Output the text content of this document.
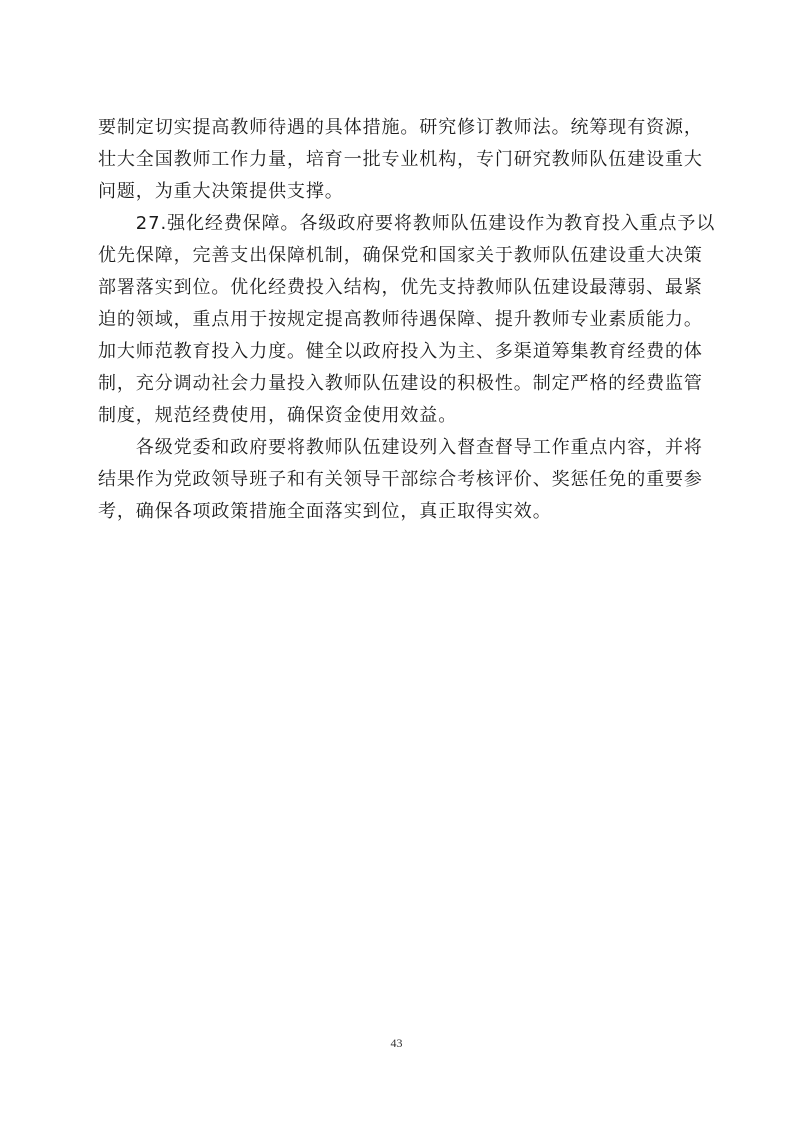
要制定切实提高教师待遇的具体措施。研究修订教师法。统筹现有资源，

壮大全国教师工作力量，培育一批专业机构，专门研究教师队伍建设重大

问题，为重大决策提供支撑。

　　27.强化经费保障。各级政府要将教师队伍建设作为教育投入重点予以

优先保障，完善支出保障机制，确保党和国家关于教师队伍建设重大决策

部署落实到位。优化经费投入结构，优先支持教师队伍建设最薄弱、最紧

迫的领域，重点用于按规定提高教师待遇保障、提升教师专业素质能力。

加大师范教育投入力度。健全以政府投入为主、多渠道筹集教育经费的体

制，充分调动社会力量投入教师队伍建设的积极性。制定严格的经费监管

制度，规范经费使用，确保资金使用效益。

　　各级党委和政府要将教师队伍建设列入督查督导工作重点内容，并将

结果作为党政领导班子和有关领导干部综合考核评价、奖惩任免的重要参

考，确保各项政策措施全面落实到位，真正取得实效。

43
